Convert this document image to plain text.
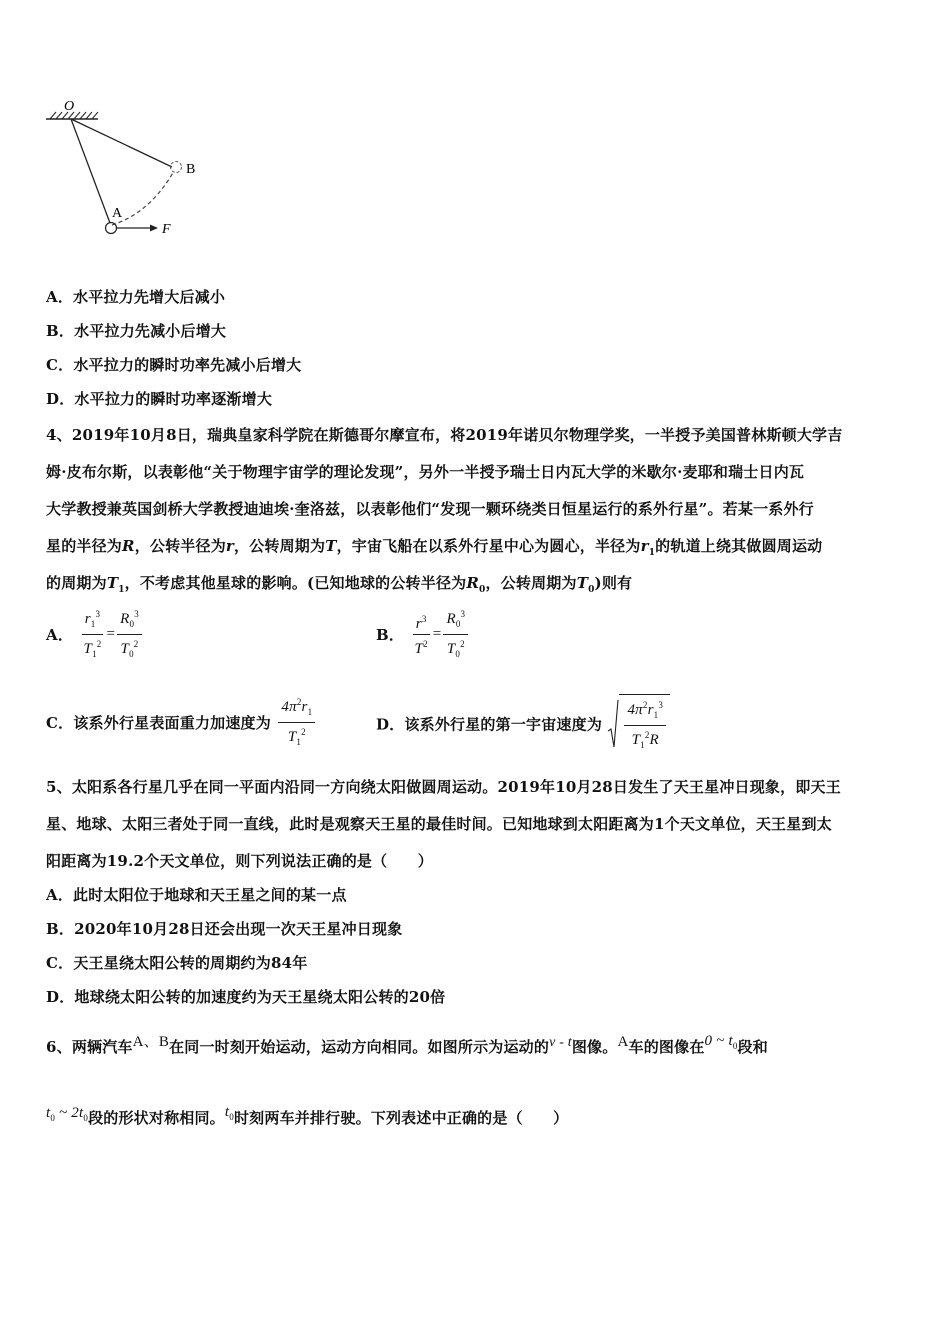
O
A
B
F
A．水平拉力先增大后减小
B．水平拉力先减小后增大
C．水平拉力的瞬时功率先减小后增大
D．水平拉力的瞬时功率逐渐增大
4、2019年10月8日，瑞典皇家科学院在斯德哥尔摩宣布，将2019年诺贝尔物理学奖，一半授予美国普林斯顿大学吉
姆·皮布尔斯，以表彰他“关于物理宇宙学的理论发现”，另外一半授予瑞士日内瓦大学的米歇尔·麦耶和瑞士日内瓦
大学教授兼英国剑桥大学教授迪迪埃·奎洛兹，以表彰他们“发现一颗环绕类日恒星运行的系外行星”。若某一系外行
星的半径为R，公转半径为r，公转周期为T，宇宙飞船在以系外行星中心为圆心，半径为$r_1$的轨道上绕其做圆周运动
的周期为$T_1$，不考虑其他星球的影响。(已知地球的公转半径为$R_0$，公转周期为$T_0$)则有
A． $\frac{r_1^3}{T_1^2} = \frac{R_0^3}{T_0^2}$	B． $\frac{r^3}{T^2} = \frac{R_0^3}{T_0^2}$
C．该系外行星表面重力加速度为 $\frac{4\pi^2r_1}{T_1^2}$	D．该系外行星的第一宇宙速度为 $\frac{4\pi^2r_1^3}{T_1^2R}$
5、太阳系各行星几乎在同一平面内沿同一方向绕太阳做圆周运动。2019年10月28日发生了天王星冲日现象，即天王
星、地球、太阳三者处于同一直线，此时是观察天王星的最佳时间。已知地球到太阳距离为1个天文单位，天王星到太
阳距离为19.2个天文单位，则下列说法正确的是（　　）
A．此时太阳位于地球和天王星之间的某一点
B．2020年10月28日还会出现一次天王星冲日现象
C．天王星绕太阳公转的周期约为84年
D．地球绕太阳公转的加速度约为天王星绕太阳公转的20倍
6、两辆汽车A、B在同一时刻开始运动，运动方向相同。如图所示为运动的v - t图像。A车的图像在0 ~ $t_0$段和
$t_0$ ~ $2t_0$段的形状对称相同。$t_0$时刻两车并排行驶。下列表述中正确的是（　　）
